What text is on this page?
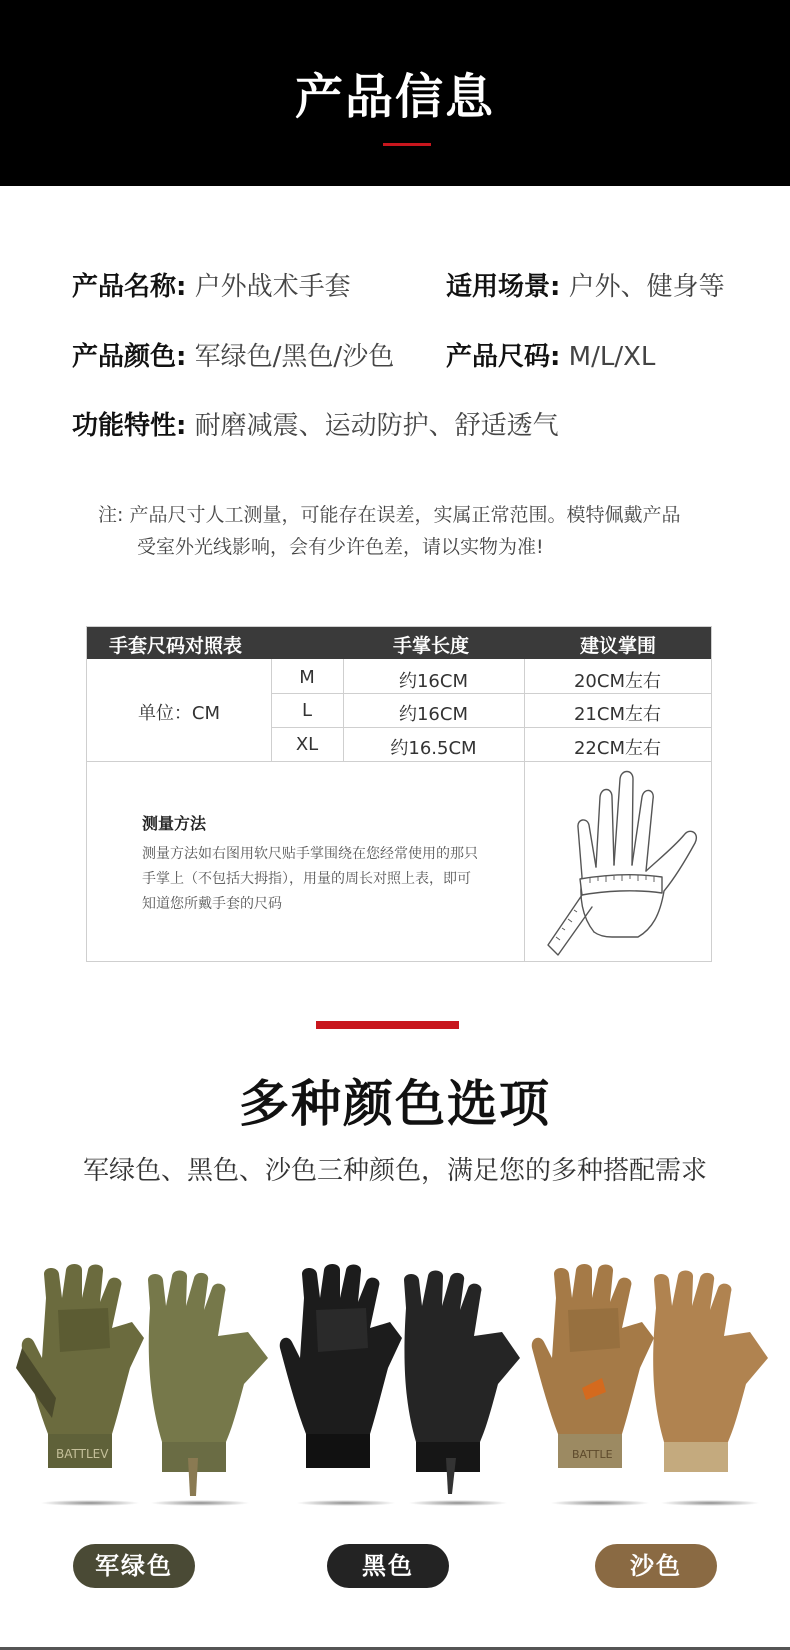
产品信息
产品名称: 户外战术手套	适用场景: 户外、健身等
产品颜色: 军绿色/黑色/沙色 产品尺码: M/L/XL
功能特性: 耐磨减震、运动防护、舒适透气
注: 产品尺寸人工测量，可能存在误差，实属正常范围。模特佩戴产品
受室外光线影响，会有少许色差，请以实物为准!
手套尺码对照表	手掌长度	建议掌围
单位：CM
M	约16CM	20CM左右
L	约16CM	21CM左右
XL	约16.5CM	22CM左右
测量方法
测量方法如右图用软尺贴手掌围绕在您经常使用的那只手掌上（不包括大拇指），用量的周长对照上表，即可知道您所戴手套的尺码
多种颜色选项
军绿色、黑色、沙色三种颜色，满足您的多种搭配需求
BATTLEV	BATTLE
军绿色	黑色	沙色
